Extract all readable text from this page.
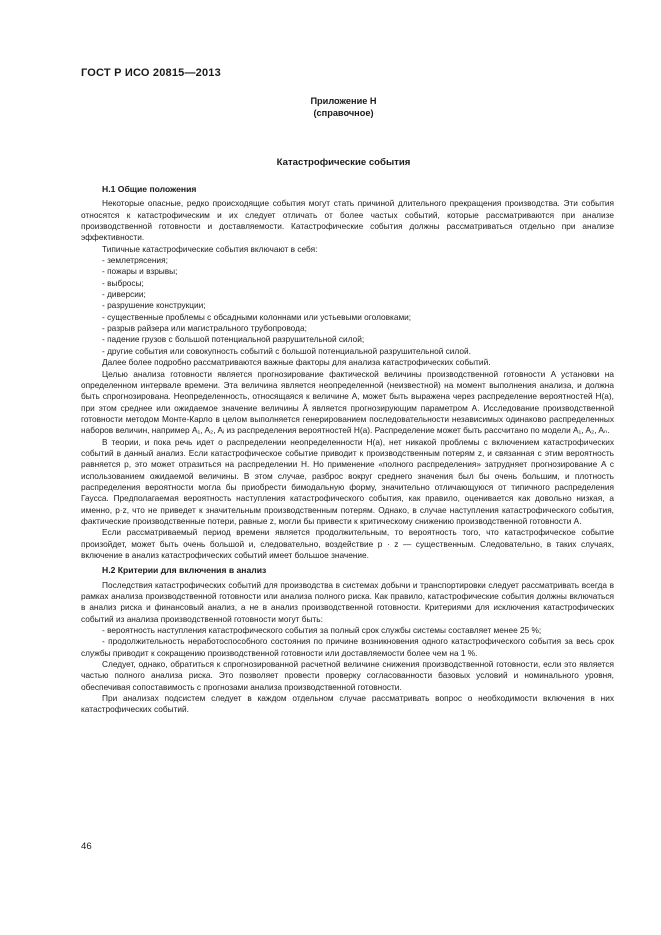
ГОСТ Р ИСО 20815—2013
Приложение Н
(справочное)
Катастрофические события
Н.1 Общие положения

Некоторые опасные, редко происходящие события могут стать причиной длительного прекращения производства. Эти события относятся к катастрофическим и их следует отличать от более частых событий, которые рассматриваются при анализе производственной готовности и доставляемости. Катастрофические события должны рассматриваться отдельно при анализе эффективности.

Типичные катастрофические события включают в себя:

- землетрясения;
- пожары и взрывы;
- выбросы;
- диверсии;
- разрушение конструкции;
- существенные проблемы с обсадными колоннами или устьевыми оголовками;
- разрыв райзера или магистрального трубопровода;
- падение грузов с большой потенциальной разрушительной силой;
- другие события или совокупность событий с большой потенциальной разрушительной силой.

Далее более подробно рассматриваются важные факторы для анализа катастрофических событий.

Целью анализа готовности является прогнозирование фактической величины производственной готовности A установки на определенном интервале времени. Эта величина является неопределенной (неизвестной) на момент выполнения анализа, и должна быть спрогнозирована. Неопределенность, относящаяся к величине A, может быть выражена через распределение вероятностей H(a), при этом среднее или ожидаемое значение величины Â является прогнозирующим параметром A. Исследование производственной готовности методом Монте-Карло в целом выполняется генерированием последовательности независимых одинаково распределенных наборов величин, например A₁, A₂, Aᵢ из распределения вероятностей H(a). Распределение может быть рассчитано по модели A₁, A₂, Aₙ.

В теории, и пока речь идет о распределении неопределенности H(a), нет никакой проблемы с включением катастрофических событий в данный анализ. Если катастрофическое событие приводит к производственным потерям z, и связанная с этим вероятность равняется p, это может отразиться на распределении H. Но применение «полного распределения» затрудняет прогнозирование A с использованием ожидаемой величины. В этом случае, разброс вокруг среднего значения был бы очень большим, и плотность распределения вероятности могла бы приобрести бимодальную форму, значительно отличающуюся от типичного распределения Гаусса. Предполагаемая вероятность наступления катастрофического события, как правило, оценивается как довольно низкая, а именно, p·z, что не приведет к значительным производственным потерям. Однако, в случае наступления катастрофического события, фактические производственные потери, равные z, могли бы привести к критическому снижению производственной готовности A.

Если рассматриваемый период времени является продолжительным, то вероятность того, что катастрофическое событие произойдет, может быть очень большой и, следовательно, воздействие p · z — существенным. Следовательно, в таких случаях, включение в анализ катастрофических событий имеет большое значение.

Н.2 Критерии для включения в анализ

Последствия катастрофических событий для производства в системах добычи и транспортировки следует рассматривать всегда в рамках анализа производственной готовности или анализа полного риска. Как правило, катастрофические события должны включаться в анализ риска и финансовый анализ, а не в анализ производственной готовности. Критериями для исключения катастрофических событий из анализа производственной готовности могут быть:

- вероятность наступления катастрофического события за полный срок службы системы составляет менее 25 %;

- продолжительность неработоспособного состояния по причине возникновения одного катастрофического события за весь срок службы приводит к сокращению производственной готовности или доставляемости более чем на 1 %.

Следует, однако, обратиться к спрогнозированной расчетной величине снижения производственной готовности, если это является частью полного анализа риска. Это позволяет провести проверку согласованности базовых условий и номинального уровня, обеспечивая сопоставимость с прогнозами анализа производственной готовности.

При анализах подсистем следует в каждом отдельном случае рассматривать вопрос о необходимости включения в них катастрофических событий.

46
